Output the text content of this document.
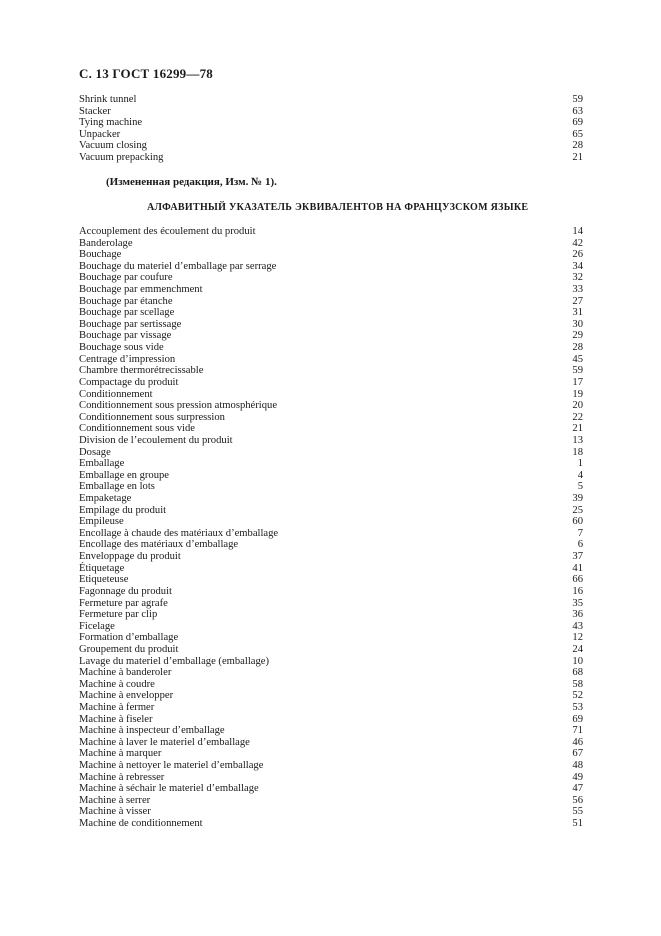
С. 13 ГОСТ 16299—78
Shrink tunnel	59
Stacker	63
Tying machine	69
Unpacker	65
Vacuum closing	28
Vacuum prepacking	21
(Измененная редакция, Изм. № 1).
АЛФАВИТНЫЙ УКАЗАТЕЛЬ ЭКВИВАЛЕНТОВ НА ФРАНЦУЗСКОМ ЯЗЫКЕ
Accouplement des écoulement du produit	14
Banderolage	42
Bouchage	26
Bouchage du materiel d’emballage par serrage	34
Bouchage par coufure	32
Bouchage par emmenchment	33
Bouchage par étanche	27
Bouchage par scellage	31
Bouchage par sertissage	30
Bouchage par vissage	29
Bouchage sous vide	28
Centrage d’impression	45
Chambre thermorétrecissable	59
Compactage du produit	17
Conditionnement	19
Conditionnement sous pression atmosphérique	20
Conditionnement sous surpression	22
Conditionnement sous vide	21
Division de l’ecoulement du produit	13
Dosage	18
Emballage	1
Emballage en groupe	4
Emballage en lots	5
Empaketage	39
Empilage du produit	25
Empileuse	60
Encollage à chaude des matériaux d’emballage	7
Encollage des matériaux d’emballage	6
Enveloppage du produit	37
Étiquetage	41
Etiqueteuse	66
Fagonnage du produit	16
Fermeture par agrafe	35
Fermeture par clip	36
Ficelage	43
Formation d’emballage	12
Groupement du produit	24
Lavage du materiel d’emballage (emballage)	10
Machine à banderoler	68
Machine à coudre	58
Machine à envelopper	52
Machine à fermer	53
Machine à fiseler	69
Machine à inspecteur d’emballage	71
Machine à laver le materiel d’emballage	46
Machine à marquer	67
Machine à nettoyer le materiel d’emballage	48
Machine à rebresser	49
Machine à séchair le materiel d’emballage	47
Machine à serrer	56
Machine à visser	55
Machine de conditionnement	51
